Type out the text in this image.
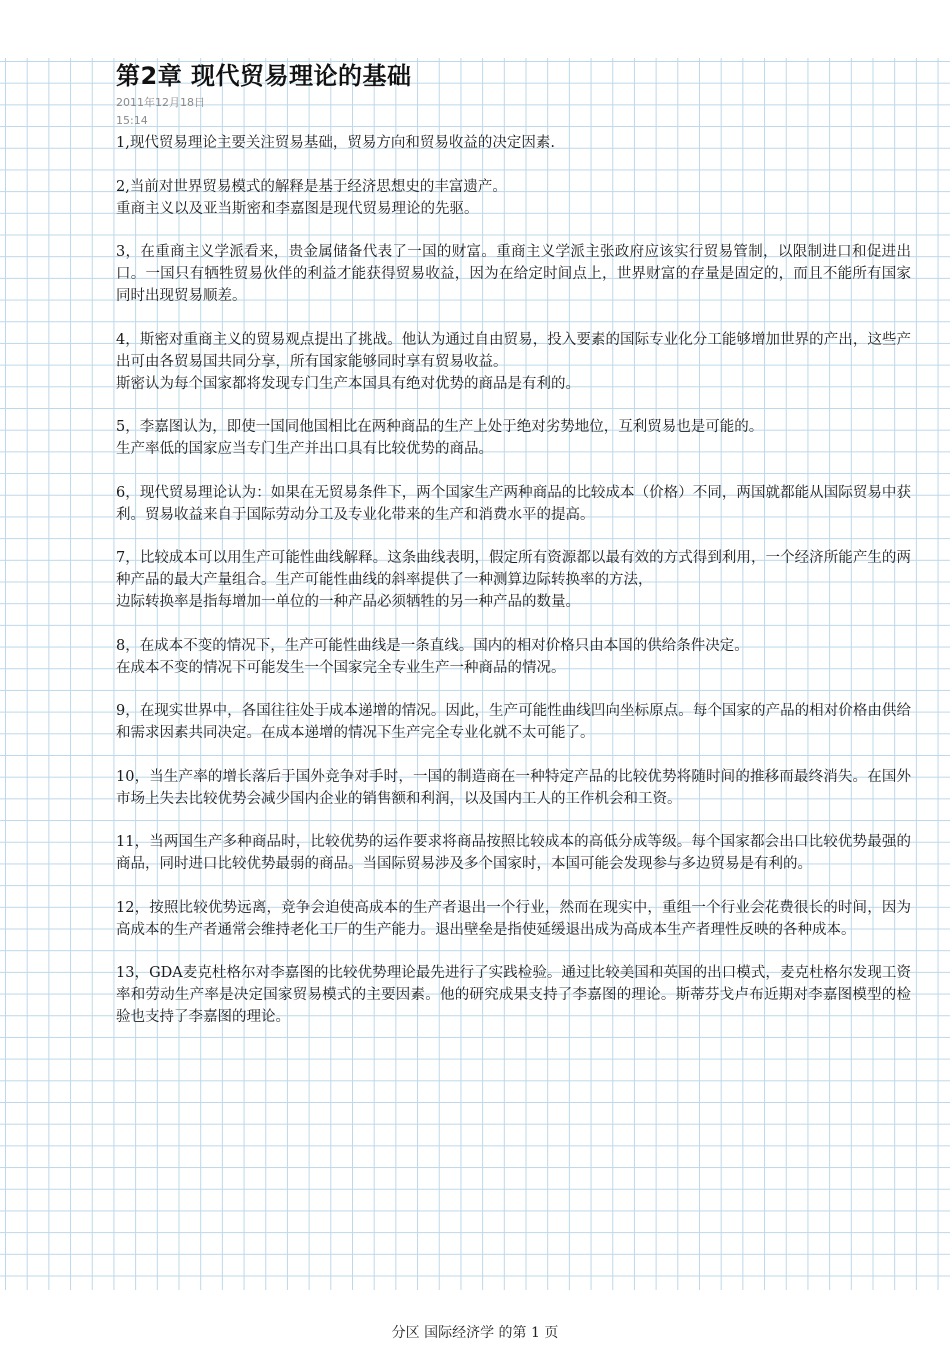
第2章 现代贸易理论的基础
2011年12月18日
15:14

1,现代贸易理论主要关注贸易基础，贸易方向和贸易收益的决定因素.

2,当前对世界贸易模式的解释是基于经济思想史的丰富遗产。
重商主义以及亚当斯密和李嘉图是现代贸易理论的先驱。

3，在重商主义学派看来，贵金属储备代表了一国的财富。重商主义学派主张政府应该实行贸易管制，以限制进口和促进出口。一国只有牺牲贸易伙伴的利益才能获得贸易收益，因为在给定时间点上，世界财富的存量是固定的，而且不能所有国家同时出现贸易顺差。

4，斯密对重商主义的贸易观点提出了挑战。他认为通过自由贸易，投入要素的国际专业化分工能够增加世界的产出，这些产出可由各贸易国共同分享，所有国家能够同时享有贸易收益。
斯密认为每个国家都将发现专门生产本国具有绝对优势的商品是有利的。

5，李嘉图认为，即使一国同他国相比在两种商品的生产上处于绝对劣势地位，互利贸易也是可能的。
生产率低的国家应当专门生产并出口具有比较优势的商品。

6，现代贸易理论认为：如果在无贸易条件下，两个国家生产两种商品的比较成本（价格）不同，两国就都能从国际贸易中获利。贸易收益来自于国际劳动分工及专业化带来的生产和消费水平的提高。

7，比较成本可以用生产可能性曲线解释。这条曲线表明，假定所有资源都以最有效的方式得到利用，一个经济所能产生的两种产品的最大产量组合。生产可能性曲线的斜率提供了一种测算边际转换率的方法，
边际转换率是指每增加一单位的一种产品必须牺牲的另一种产品的数量。

8，在成本不变的情况下，生产可能性曲线是一条直线。国内的相对价格只由本国的供给条件决定。
在成本不变的情况下可能发生一个国家完全专业生产一种商品的情况。

9，在现实世界中，各国往往处于成本递增的情况。因此，生产可能性曲线凹向坐标原点。每个国家的产品的相对价格由供给和需求因素共同决定。在成本递增的情况下生产完全专业化就不太可能了。

10，当生产率的增长落后于国外竞争对手时，一国的制造商在一种特定产品的比较优势将随时间的推移而最终消失。在国外市场上失去比较优势会减少国内企业的销售额和利润，以及国内工人的工作机会和工资。

11，当两国生产多种商品时，比较优势的运作要求将商品按照比较成本的高低分成等级。每个国家都会出口比较优势最强的商品，同时进口比较优势最弱的商品。当国际贸易涉及多个国家时，本国可能会发现参与多边贸易是有利的。

12，按照比较优势远离，竞争会迫使高成本的生产者退出一个行业，然而在现实中，重组一个行业会花费很长的时间，因为高成本的生产者通常会维持老化工厂的生产能力。退出壁垒是指使延缓退出成为高成本生产者理性反映的各种成本。

13，GDA麦克杜格尔对李嘉图的比较优势理论最先进行了实践检验。通过比较美国和英国的出口模式，麦克杜格尔发现工资率和劳动生产率是决定国家贸易模式的主要因素。他的研究成果支持了李嘉图的理论。斯蒂芬戈卢布近期对李嘉图模型的检验也支持了李嘉图的理论。

分区 国际经济学 的第 1 页
